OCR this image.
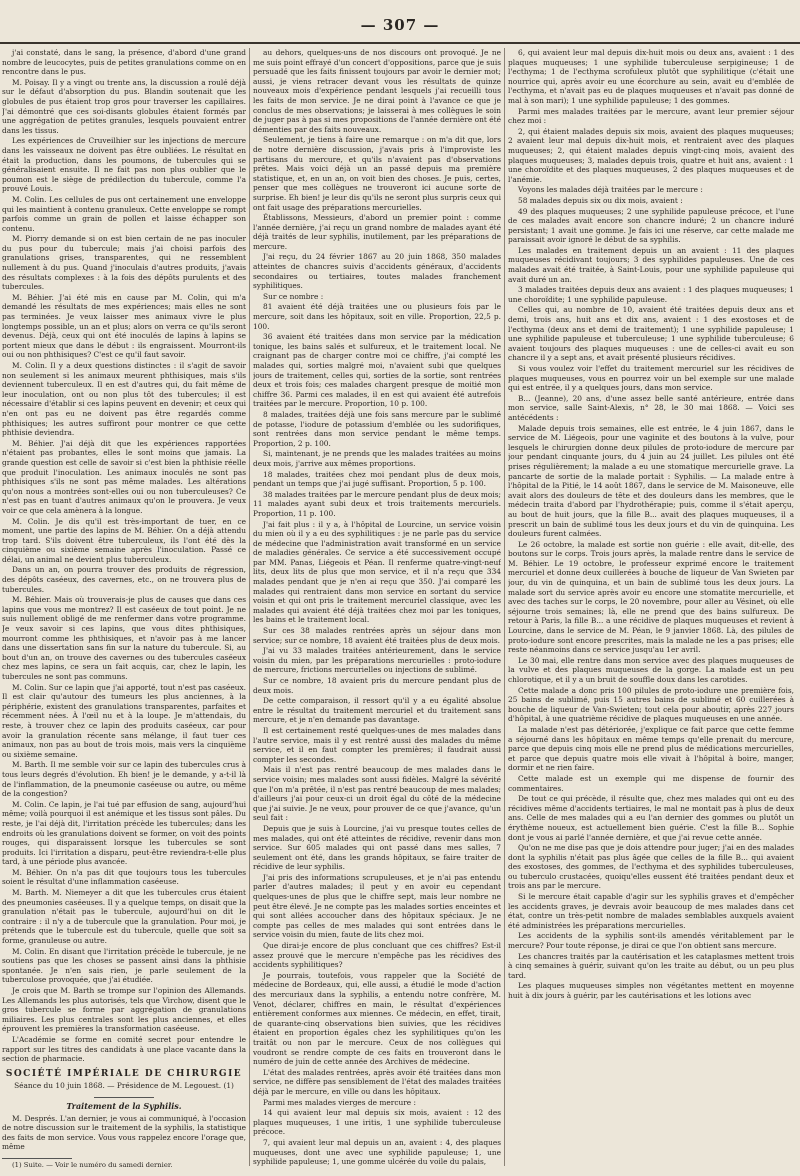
— 307 —

j'ai constaté, dans le sang, la présence, d'abord d'une grand nombre de leucocytes, puis de petites granulations comme on en rencontre dans le pus.

M. Poisay. Il y a vingt ou trente ans, la discussion a roulé déjà sur le défaut d'absorption du pus. Blandin soutenait que les globules de pus étaient trop gros pour traverser les capillaires. J'ai démontré que ces soi-disants globules étaient formés par une aggrégation de petites granules, lesquels pouvaient entrer dans les tissus.

Les expériences de Cruveilhier sur les injections de mercure dans les vaisseaux ne doivent pas être oubliées. Le résultat en était la production, dans les poumons, de tubercules qui se généralisaient ensuite. Il ne fait pas non plus oublier que le poumon est le siège de prédilection du tubercule, comme l'a prouvé Louis.

M. Colin. Les cellules de pus ont certainement une enveloppe qui les maintient à contenu granuleux. Cette enveloppe se rompt parfois comme un grain de pollen et laisse échapper son contenu.

M. Piorry demande si on est bien certain de ne pas inoculer du pus pour du tubercule; mais j'ai choisi parfois des granulations grises, transparentes, qui ne ressemblent nullement à du pus. Quand j'inoculais d'autres produits, j'avais des résultats complexes : à la fois des dépôts purulents et des tubercules.

M. Béhier. J'ai été mis en cause par M. Colin, qui m'a demandé les résultats de mes expériences; mais elles ne sont pas terminées. Je veux laisser mes animaux vivre le plus longtemps possible, un an et plus; alors on verra ce qu'ils seront devenus. Déjà, ceux qui ont été inoculés de lapins à lapins se portent mieux que dans le début : ils engraissent. Mourront-ils oui ou non phthisiques? C'est ce qu'il faut savoir.

M. Colin. Il y a deux questions distinctes : il s'agit de savoir non seulement si les animaux meurent phthisiques, mais s'ils deviennent tuberculeux. Il en est d'autres qui, du fait même de leur inoculation, ont ou non plus tôt des tubercules; il est nécessaire d'établir si ces lapins peuvent en devenir; et ceux qui n'en ont pas eu ne doivent pas être regardés comme phthisiques; les autres suffiront pour montrer ce que cette phthisie deviendra.

M. Béhier. J'ai déjà dit que les expériences rapportées n'étaient pas probantes, elles le sont moins que jamais. La grande question est celle de savoir si c'est bien la phthisie réelle que produit l'inoculation. Les animaux inoculés ne sont pas phthisiques s'ils ne sont pas même malades. Les altérations qu'on nous a montrées sont-elles oui ou non tuberculeuses? Ce n'est pas en tuant d'autres animaux qu'on le prouvera. Je veux voir ce que cela amènera à la longue.

M. Colin. Je dis qu'il est très-important de tuer, en ce moment, une partie des lapins de M. Béhier. On a déjà attendu trop tard. S'ils doivent être tuberculeux, ils l'ont été dès la cinquième ou sixième semaine après l'inoculation. Passé ce délai, un animal ne devient plus tuberculeux.

Dans un an, on pourra trouver des produits de régression, des dépôts caséeux, des cavernes, etc., on ne trouvera plus de tubercules.

M. Béhier. Mais où trouverais-je plus de causes que dans ces lapins que vous me montrez? Il est caséeux de tout point. Je ne suis nullement obligé de me renfermer dans votre programme. Je veux savoir si ces lapins, que vous dites phthisiques, mourront comme les phthisiques, et n'avoir pas à me lancer dans une dissertation sans fin sur la nature du tubercule. Si, au bout d'un an, on trouve des cavernes ou des tubercules caséeux chez mes lapins, ce sera un fait acquis, car, chez le lapin, les tubercules ne sont pas communs.

M. Colin. Sur ce lapin que j'ai apporté, tout n'est pas caséeux. Il est clair qu'autour des tumeurs les plus anciennes, à la périphérie, existent des granulations transparentes, parfaites et récemment nées. À l'œil nu et à la loupe. Je m'attendais, du reste, à trouver chez ce lapin des produits caséeux, car pour avoir la granulation récente sans mélange, il faut tuer ces animaux, non pas au bout de trois mois, mais vers la cinquième ou sixième semaine.

M. Barth. Il me semble voir sur ce lapin des tubercules crus à tous leurs degrés d'évolution. Eh bien! je le demande, y a-t-il là de l'inflammation, de la pneumonie caséeuse ou autre, ou même de la congestion?

M. Colin. Ce lapin, je l'ai tué par effusion de sang, aujourd'hui même; voilà pourquoi il est anémique et les tissus sont pâles. Du reste, je l'ai déjà dit, l'irritation précède les tubercules; dans les endroits où les granulations doivent se former, on voit des points rouges, qui disparaissent lorsque les tubercules se sont produits. Ici l'irritation a disparu, peut-être reviendra-t-elle plus tard, à une période plus avancée.

M. Béhier. On n'a pas dit que toujours tous les tubercules soient le résultat d'une inflammation caséeuse.

M. Barth. M. Niemeyer a dit que les tubercules crus étaient des pneumonies caséeuses. Il y a quelque temps, on disait que la granulation n'était pas le tubercule, aujourd'hui on dit le contraire : il n'y a de tubercule que la granulation. Pour moi, je prétends que le tubercule est du tubercule, quelle que soit sa forme, granuleuse ou autre.

M. Colin. En disant que l'irritation précède le tubercule, je ne soutiens pas que les choses se passent ainsi dans la phthisie spontanée. Je n'en sais rien, je parle seulement de la tuberculose provoquée, que j'ai étudiée.

Je crois que M. Barth se trompe sur l'opinion des Allemands. Les Allemands les plus autorisés, tels que Virchow, disent que le gros tubercule se forme par aggrégation de granulations miliaires. Les plus centrales sont les plus anciennes, et elles éprouvent les premières la transformation caséeuse.

L'Académie se forme en comité secret pour entendre le rapport sur les titres des candidats à une place vacante dans la section de pharmacie.

SOCIÉTÉ IMPÉRIALE DE CHIRURGIE
Séance du 10 juin 1868. — Présidence de M. Legouest. (1)
Traitement de la Syphilis.

M. Després. L'an dernier, je vous ai communiqué, à l'occasion de notre discussion sur le traitement de la syphilis, la statistique des faits de mon service. Vous vous rappelez encore l'orage que, même

(1) Suite. — Voir le numéro du samedi dernier.

au dehors, quelques-uns de nos discours ont provoqué. Je ne me suis point effrayé d'un concert d'oppositions, parce que je suis persuadé que les faits finissent toujours par avoir le dernier mot; aussi, je viens retracer devant vous les résultats de quinze nouveaux mois d'expérience pendant lesquels j'ai recueilli tous les faits de mon service. Je ne dirai point à l'avance ce que je conclus de mes observations; je laisserai à mes collègues le soin de juger pas à pas si mes propositions de l'année dernière ont été démenties par des faits nouveaux.

Seulement, je tiens à faire une remarque : on m'a dit que, lors de notre dernière discussion, j'avais pris à l'improviste les partisans du mercure, et qu'ils n'avaient pas d'observations prêtes. Mais voici déjà un an passé depuis ma première statistique, et, en un an, on voit bien des choses. Je puis, certes, penser que mes collègues ne trouveront ici aucune sorte de surprise. Eh bien! je leur dis qu'ils ne seront plus surpris ceux qui ont fait usage des préparations mercurielles.

Établissons, Messieurs, d'abord un premier point : comme l'année dernière, j'ai reçu un grand nombre de malades ayant été déjà traités de leur syphilis, inutilement, par les préparations de mercure.

J'ai reçu, du 24 février 1867 au 20 juin 1868, 350 malades atteintes de chancres suivis d'accidents généraux, d'accidents secondaires ou tertiaires, toutes malades franchement syphilitiques.

Sur ce nombre :

81 avaient été déjà traitées une ou plusieurs fois par le mercure, soit dans les hôpitaux, soit en ville. Proportion, 22,5 p. 100.

36 avaient été traitées dans mon service par la médication tonique, les bains salés et sulfureux, et le traitement local. Ne craignant pas de charger contre moi ce chiffre, j'ai compté les malades qui, sorties malgré moi, n'avaient subi que quelques jours de traitement, celles qui, sorties de la sortie, sont rentrées deux et trois fois; ces malades chargent presque de moitié mon chiffre 36. Parmi ces malades, il en est qui avaient été autrefois traitées par le mercure. Proportion, 10 p. 100.

8 malades, traitées déjà une fois sans mercure par le sublimé de potasse, l'iodure de potassium d'emblée ou les sudorifiques, sont rentrées dans mon service pendant le même temps. Proportion, 2 p. 100.

Si, maintenant, je ne prends que les malades traitées au moins deux mois, j'arrive aux mêmes proportions.

18 malades, traitées chez moi pendant plus de deux mois, pendant un temps que j'ai jugé suffisant. Proportion, 5 p. 100.

38 malades traitées par le mercure pendant plus de deux mois; 11 malades ayant subi deux et trois traitements mercuriels. Proportion, 11 p. 100.

J'ai fait plus : il y a, à l'hôpital de Lourcine, un service voisin du mien où il y a eu des syphilitiques : je ne parle pas du service de médecine que l'administration avait transformé en un service de maladies générales. Ce service a été successivement occupé par MM. Panas, Liégeois et Péan. Il renferme quatre-vingt-neuf lits, deux lits de plus que mon service, et il n'a reçu que 334 malades pendant que je n'en ai reçu que 350. J'ai comparé les malades qui rentraient dans mon service en sortant du service voisin et qui ont pris le traitement mercuriel classique, avec les malades qui avaient été déjà traitées chez moi par les toniques, les bains et le traitement local.

Sur ces 38 malades rentrées après un séjour dans mon service; sur ce nombre, 18 avaient été traitées plus de deux mois.

J'ai vu 33 malades traitées antérieurement, dans le service voisin du mien, par les préparations mercurielles : proto-iodure de mercure, frictions mercurielles ou injections de sublimé.

Sur ce nombre, 18 avaient pris du mercure pendant plus de deux mois.

De cette comparaison, il ressort qu'il y a eu égalité absolue entre le résultat du traitement mercuriel et du traitement sans mercure, et je n'en demande pas davantage.

Il est certainement resté quelques-unes de mes malades dans l'autre service, mais il y est rentré aussi des malades du même service, et il en faut compter les premières; il faudrait aussi compter les secondes.

Mais il n'est pas rentré beaucoup de mes malades dans le service voisin; mes malades sont aussi fidèles. Malgré la sévérité que l'on m'a prêtée, il n'est pas rentré beaucoup de mes malades; d'ailleurs j'ai pour ceux-ci un droit égal du côté de la médecine que j'ai suivie. Je ne veux, pour prouver de ce que j'avance, qu'un seul fait :

Depuis que je suis à Lourcine, j'ai vu presque toutes celles de mes malades, qui ont été atteintes de récidive, revenir dans mon service. Sur 605 malades qui ont passé dans mes salles, 7 seulement ont été, dans les grands hôpitaux, se faire traiter de récidive de leur syphilis.

J'ai pris des informations scrupuleuses, et je n'ai pas entendu parler d'autres malades; il peut y en avoir eu cependant quelques-unes de plus que le chiffre sept, mais leur nombre ne peut être élevé. Je ne compte pas les malades sorties enceintes et qui sont allées accoucher dans des hôpitaux spéciaux. Je ne compte pas celles de mes malades qui sont entrées dans le service voisin du mien, faute de lits chez moi.

Que dirai-je encore de plus concluant que ces chiffres? Est-il assez prouvé que le mercure n'empêche pas les récidives des accidents syphilitiques?

Je pourrais, toutefois, vous rappeler que la Société de médecine de Bordeaux, qui, elle aussi, a étudié le mode d'action des mercuriaux dans la syphilis, a entendu notre confrère, M. Venot, déclarer, chiffres en main, le résultat d'expériences entièrement conformes aux miennes. Ce médecin, en effet, tirait, de quarante-cinq observations bien suivies, que les récidives étaient en proportion égales chez les syphilitiques qu'on les traitât ou non par le mercure. Ceux de nos collègues qui voudront se rendre compte de ces faits en trouveront dans le numéro de juin de cette année des Archives de médecine.

L'état des malades rentrées, après avoir été traitées dans mon service, ne diffère pas sensiblement de l'état des malades traitées déjà par le mercure, en ville ou dans les hôpitaux.

Parmi mes malades vierges de mercure :

14 qui avaient leur mal depuis six mois, avaient : 12 des plaques muqueuses, 1 une iritis, 1 une syphilide tuberculeuse précoce.

7, qui avaient leur mal depuis un an, avaient : 4, des plaques muqueuses, dont une avec une syphilide papuleuse; 1, une syphilide papuleuse; 1, une gomme ulcérée du voile du palais,

6, qui avaient leur mal depuis dix-huit mois ou deux ans, avaient : 1 des plaques muqueuses; 1 une syphilide tuberculeuse serpigineuse; 1 de l'ecthyma; 1 de l'ecthyma scrofuleux plutôt que syphilitique (c'était une nourrice qui, après avoir eu une écorchure au sein, avait eu d'emblée de l'ecthyma, et n'avait pas eu de plaques muqueuses et n'avait pas donné de mal à son mari); 1 une syphilide papuleuse; 1 des gommes.

Parmi mes malades traitées par le mercure, avant leur premier séjour chez moi :

2, qui étaient malades depuis six mois, avaient des plaques muqueuses; 2 avaient leur mal depuis dix-huit mois, et rentraient avec des plaques muqueuses; 2, qui étaient malades depuis vingt-cinq mois, avaient des plaques muqueuses; 3, malades depuis trois, quatre et huit ans, avaient : 1 une choroïdite et des plaques muqueuses, 2 des plaques muqueuses et de l'anémie.

Voyons les malades déjà traitées par le mercure :

58 malades depuis six ou dix mois, avaient :

49 des plaques muqueuses; 2 une syphilide papuleuse précoce, et l'une de ces malades avait encore son chancre induré; 2 un chancre induré persistant; 1 avait une gomme. Je fais ici une réserve, car cette malade me paraissait avoir ignoré le début de sa syphilis.

Les malades en traitement depuis un an avaient : 11 des plaques muqueuses récidivant toujours; 3 des syphilides papuleuses. Une de ces malades avait été traitée, à Saint-Louis, pour une syphilide papuleuse qui avait duré un an.

3 malades traitées depuis deux ans avaient : 1 des plaques muqueuses; 1 une choroïdite; 1 une syphilide papuleuse.

Celles qui, au nombre de 10, avaient été traitées depuis deux ans et demi, trois ans, huit ans et dix ans, avaient : 1 des exostoses et de l'ecthyma (deux ans et demi de traitement); 1 une syphilide papuleuse; 1 une syphilide papuleuse et tuberculeuse; 1 une syphilide tuberculeuse; 6 avaient toujours des plaques muqueuses : une de celles-ci avait eu son chancre il y a sept ans, et avait présenté plusieurs récidives.

Si vous voulez voir l'effet du traitement mercuriel sur les récidives de plaques muqueuses, vous en pourrez voir un bel exemple sur une malade qui est entrée, il y a quelques jours, dans mon service.

B... (Jeanne), 20 ans, d'une assez belle santé antérieure, entrée dans mon service, salle Saint-Alexis, n° 28, le 30 mai 1868. — Voici ses antécédents :

Malade depuis trois semaines, elle est entrée, le 4 juin 1867, dans le service de M. Liégeois, pour une vaginite et des boutons à la vulve, pour lesquels le chirurgien donne deux pilules de proto-iodure de mercure par jour pendant cinquante jours, du 4 juin au 24 juillet. Les pilules ont été prises régulièrement; la malade a eu une stomatique mercurielle grave. La pancarte de sortie de la malade portait : Syphilis. — La malade entre à l'hôpital de la Pitié, le 14 août 1867, dans le service de M. Maisoneuve, elle avait alors des douleurs de tête et des douleurs dans les membres, que le médecin traita d'abord par l'hydrothérapie; puis, comme il s'était aperçu, au bout de huit jours, que la fille B... avait des plaques muqueuses, il a prescrit un bain de sublimé tous les deux jours et du vin de quinquina. Les douleurs furent calmées.

Le 26 octobre, la malade est sortie non guérie : elle avait, dit-elle, des boutons sur le corps. Trois jours après, la malade rentre dans le service de M. Béhier. Le 19 octobre, le professeur exprimé encore le traitement mercuriel et donne deux cuillerées à bouche de liqueur de Van Swieten par jour, du vin de quinquina, et un bain de sublimé tous les deux jours. La malade sort du service après avoir eu encore une stomatite mercurielle, et avec des taches sur le corps, le 20 novembre, pour aller au Vésinet, où elle séjourne trois semaines; là, elle ne prend que des bains sulfureux. De retour à Paris, la fille B... a une récidive de plaques muqueuses et revient à Lourcine, dans le service de M. Péan, le 9 janvier 1868. Là, des pilules de proto-iodure sont encore prescrites, mais la malade ne les a pas prises; elle reste néanmoins dans ce service jusqu'au 1er avril.

Le 30 mai, elle rentre dans mon service avec des plaques muqueuses de la vulve et des plaques muqueuses de la gorge. La malade est un peu chlorotique, et il y a un bruit de souffle doux dans les carotides.

Cette malade a donc pris 100 pilules de proto-iodure une première fois, 25 bains de sublimé, puis 15 autres bains de sublimé et 60 cuillerées à bouche de liqueur de Van-Swieten; tout cela pour aboutir, après 227 jours d'hôpital, à une quatrième récidive de plaques muqueuses en une année.

La malade n'est pas détériorée, j'explique ce fait parce que cette femme a séjourné dans les hôpitaux en même temps qu'elle prenait du mercure, parce que depuis cinq mois elle ne prend plus de médications mercurielles, et parce que depuis quatre mois elle vivait à l'hôpital à boire, manger, dormir et ne rien faire.

Cette malade est un exemple qui me dispense de fournir des commentaires.

De tout ce qui précède, il résulte que, chez mes malades qui ont eu des récidives même d'accidents tertiaires, le mal ne montait pas à plus de deux ans. Celle de mes malades qui a eu l'an dernier des gommes ou plutôt un érythème noueux, est actuellement bien guérie. C'est la fille B... Sophie dont je vous ai parlé l'année dernière, et que j'ai revue cette année.

Qu'on ne me dise pas que je dois attendre pour juger; j'ai en des malades dont la syphilis n'était pas plus âgée que celles de la fille B... qui avaient des exostoses, des gommes, de l'ecthyma et des syphilides tuberculeuses, ou tuberculo crustacées, quoiqu'elles eussent été traitées pendant deux et trois ans par le mercure.

Si le mercure était capable d'agir sur les syphilis graves et d'empêcher les accidents graves, je devrais avoir beaucoup de mes malades dans cet état, contre un très-petit nombre de malades semblables auxquels avaient été administrées les préparations mercurielles.

Les accidents de la syphilis sont-ils amendés véritablement par le mercure? Pour toute réponse, je dirai ce que l'on obtient sans mercure.

Les chancres traités par la cautérisation et les cataplasmes mettent trois à cinq semaines à guérir, suivant qu'on les traite au début, ou un peu plus tard.

Les plaques muqueuses simples non végétantes mettent en moyenne huit à dix jours à guérir, par les cautérisations et les lotions avec
